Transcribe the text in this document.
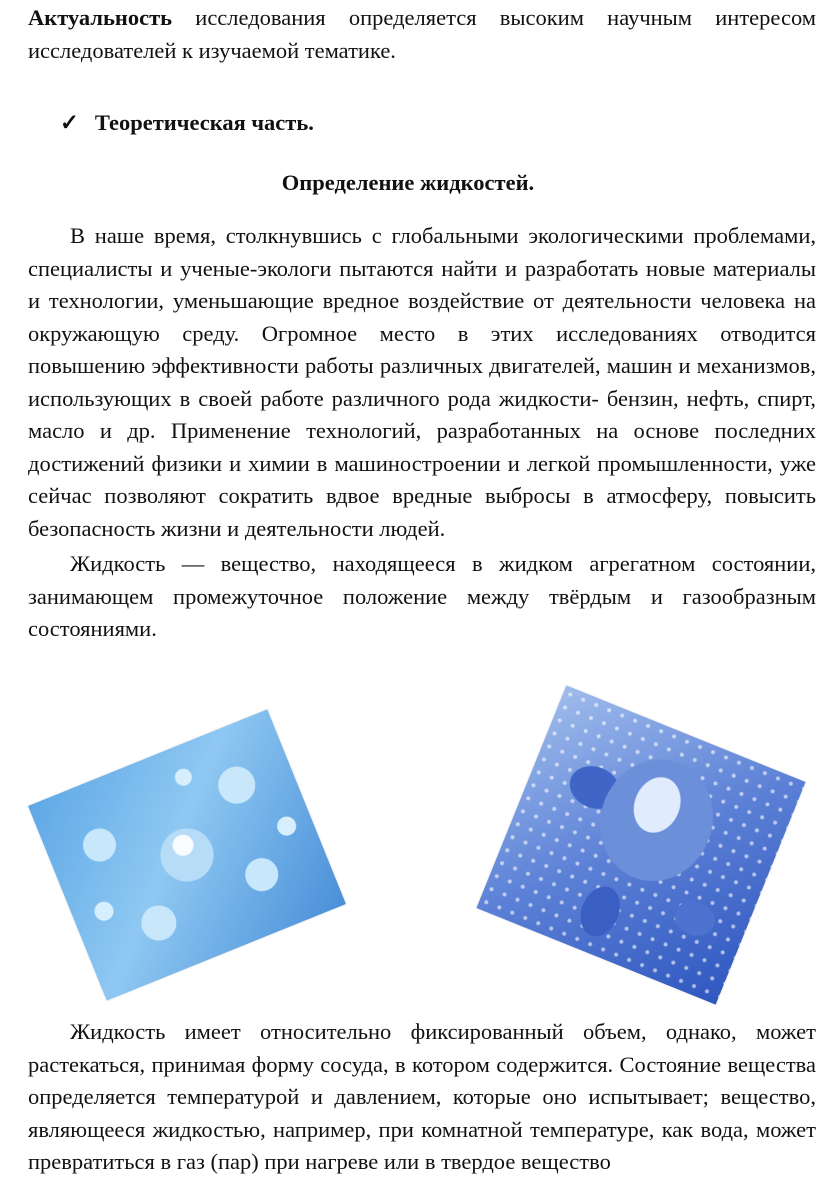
Актуальность исследования определяется высоким научным интересом исследователей к изучаемой тематике.

✓ Теоретическая часть.
Определение жидкостей.

В наше время, столкнувшись с глобальными экологическими проблемами, специалисты и ученые-экологи пытаются найти и разработать новые материалы и технологии, уменьшающие вредное воздействие от деятельности человека на окружающую среду. Огромное место в этих исследованиях отводится повышению эффективности работы различных двигателей, машин и механизмов, использующих в своей работе различного рода жидкости- бензин, нефть, спирт, масло и др. Применение технологий, разработанных на основе последних достижений физики и химии в машиностроении и легкой промышленности, уже сейчас позволяют сократить вдвое вредные выбросы в атмосферу, повысить безопасность жизни и деятельности людей.

Жидкость — вещество, находящееся в жидком агрегатном состоянии, занимающем промежуточное положение между твёрдым и газообразным состояниями.

Жидкость имеет относительно фиксированный объем, однако, может растекаться, принимая форму сосуда, в котором содержится. Состояние вещества определяется температурой и давлением, которые оно испытывает; вещество, являющееся жидкостью, например, при комнатной температуре, как вода, может превратиться в газ (пар) при нагреве или в твердое вещество
